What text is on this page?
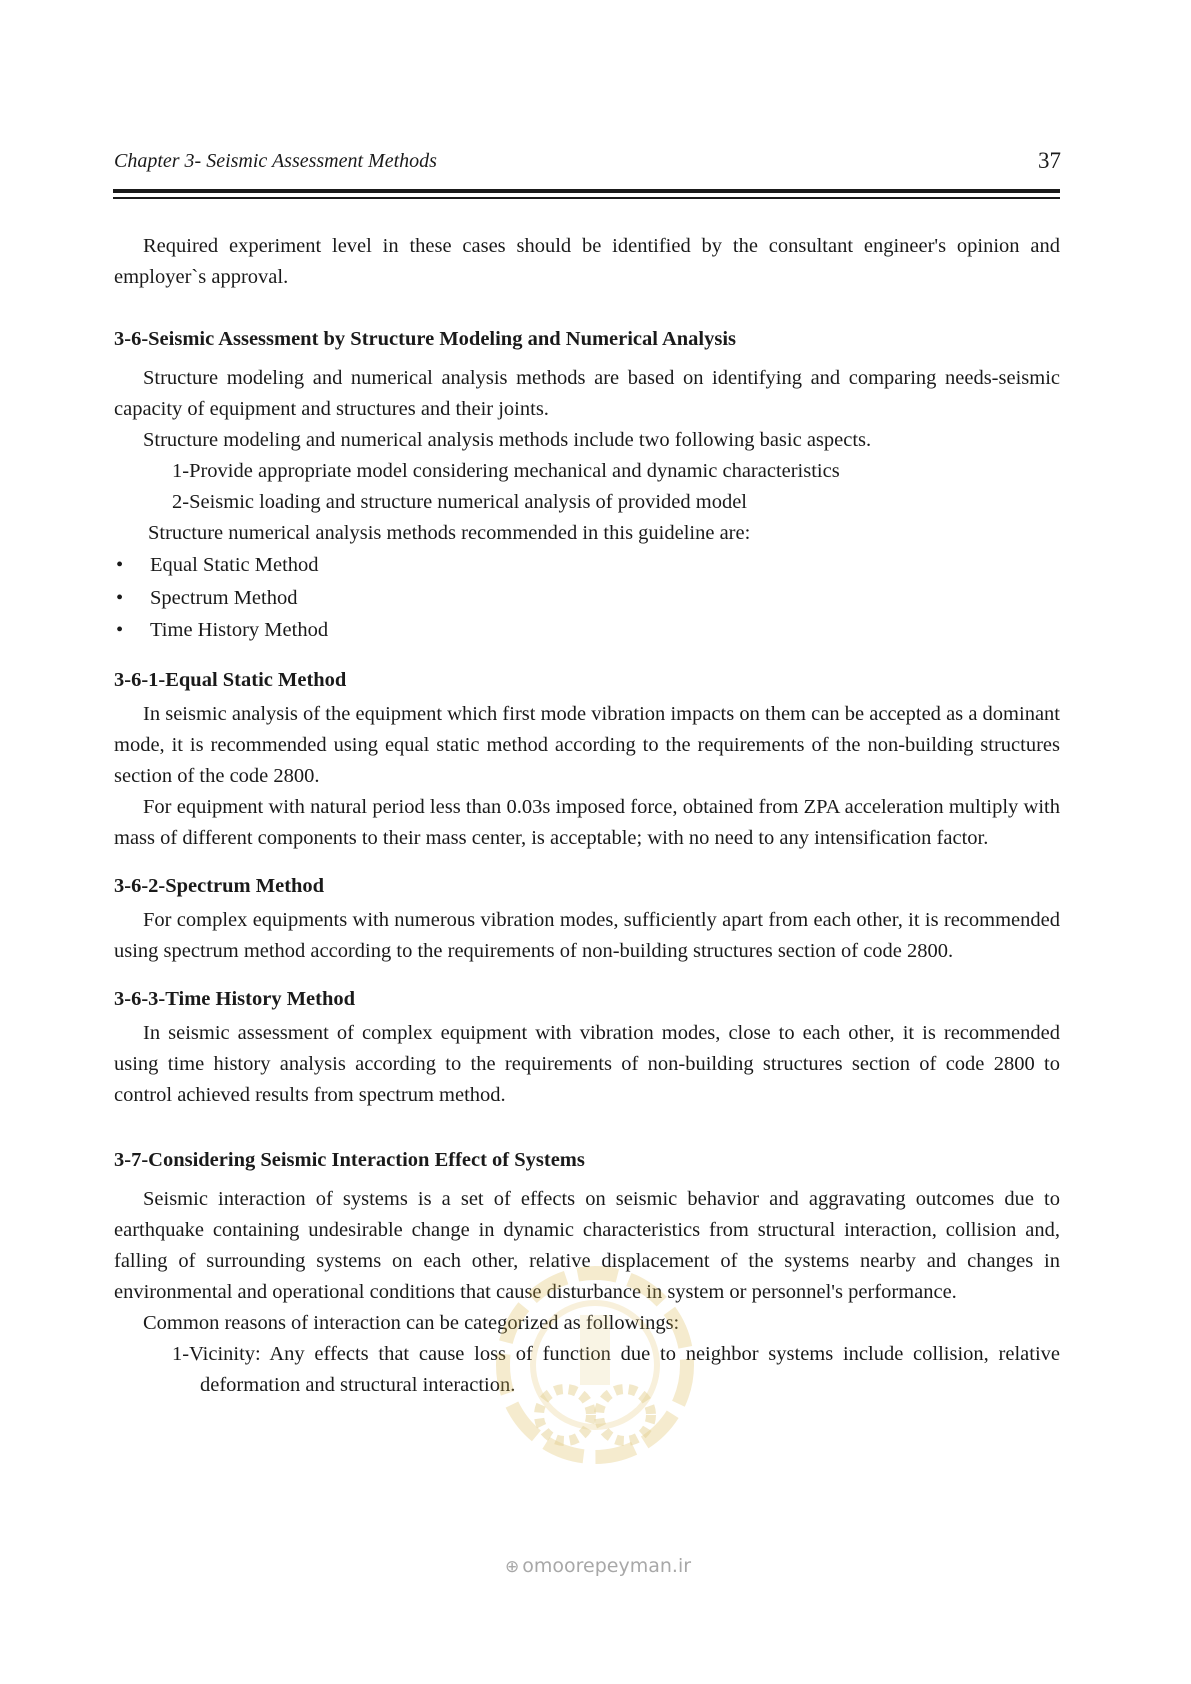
Chapter 3- Seismic Assessment Methods	37

Required experiment level in these cases should be identified by the consultant engineer's opinion and employer`s approval.

3-6-Seismic Assessment by Structure Modeling and Numerical Analysis

Structure modeling and numerical analysis methods are based on identifying and comparing needs-seismic capacity of equipment and structures and their joints.

Structure modeling and numerical analysis methods include two following basic aspects.

1-Provide appropriate model considering mechanical and dynamic characteristics

2-Seismic loading and structure numerical analysis of provided model

Structure numerical analysis methods recommended in this guideline are:

• Equal Static Method
• Spectrum Method
• Time History Method
3-6-1-Equal Static Method

In seismic analysis of the equipment which first mode vibration impacts on them can be accepted as a dominant mode, it is recommended using equal static method according to the requirements of the non-building structures section of the code 2800.

For equipment with natural period less than 0.03s imposed force, obtained from ZPA acceleration multiply with mass of different components to their mass center, is acceptable; with no need to any intensification factor.

3-6-2-Spectrum Method

For complex equipments with numerous vibration modes, sufficiently apart from each other, it is recommended using spectrum method according to the requirements of non-building structures section of code 2800.

3-6-3-Time History Method

In seismic assessment of complex equipment with vibration modes, close to each other, it is recommended using time history analysis according to the requirements of non-building structures section of code 2800 to control achieved results from spectrum method.

3-7-Considering Seismic Interaction Effect of Systems

Seismic interaction of systems is a set of effects on seismic behavior and aggravating outcomes due to earthquake containing undesirable change in dynamic characteristics from structural interaction, collision and, falling of surrounding systems on each other, relative displacement of the systems nearby and changes in environmental and operational conditions that cause disturbance in system or personnel's performance.

Common reasons of interaction can be categorized as followings:

1-Vicinity: Any effects that cause loss of function due to neighbor systems include collision, relative deformation and structural interaction.

⊕ omoorepeyman.ir
